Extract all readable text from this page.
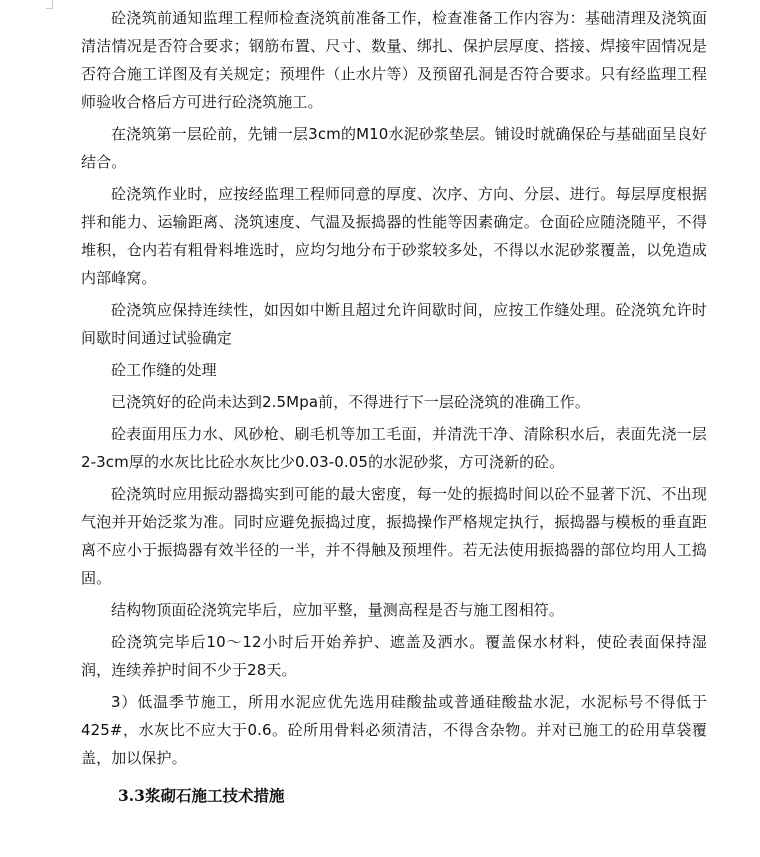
砼浇筑前通知监理工程师检查浇筑前准备工作，检查准备工作内容为：基础清理及浇筑面清洁情况是否符合要求；钢筋布置、尺寸、数量、绑扎、保护层厚度、搭接、焊接牢固情况是否符合施工详图及有关规定；预埋件（止水片等）及预留孔洞是否符合要求。只有经监理工程师验收合格后方可进行砼浇筑施工。

在浇筑第一层砼前，先铺一层3cm的M10水泥砂浆垫层。铺设时就确保砼与基础面呈良好结合。

砼浇筑作业时，应按经监理工程师同意的厚度、次序、方向、分层、进行。每层厚度根据拌和能力、运输距离、浇筑速度、气温及振捣器的性能等因素确定。仓面砼应随浇随平，不得堆积，仓内若有粗骨料堆选时，应均匀地分布于砂浆较多处，不得以水泥砂浆覆盖，以免造成内部峰窝。

砼浇筑应保持连续性，如因如中断且超过允许间歇时间，应按工作缝处理。砼浇筑允许时间歇时间通过试验确定

砼工作缝的处理

已浇筑好的砼尚未达到2.5Mpa前，不得进行下一层砼浇筑的准确工作。

砼表面用压力水、风砂枪、刷毛机等加工毛面，并清洗干净、清除积水后，表面先浇一层2-3cm厚的水灰比比砼水灰比少0.03-0.05的水泥砂浆，方可浇新的砼。

砼浇筑时应用振动器捣实到可能的最大密度，每一处的振捣时间以砼不显著下沉、不出现气泡并开始泛浆为准。同时应避免振捣过度，振捣操作严格规定执行，振捣器与模板的垂直距离不应小于振捣器有效半径的一半，并不得触及预埋件。若无法使用振捣器的部位均用人工捣固。

结构物顶面砼浇筑完毕后，应加平整，量测高程是否与施工图相符。

砼浇筑完毕后10～12小时后开始养护、遮盖及洒水。覆盖保水材料，使砼表面保持湿润，连续养护时间不少于28天。

3）低温季节施工，所用水泥应优先选用硅酸盐或普通硅酸盐水泥，水泥标号不得低于425#，水灰比不应大于0.6。砼所用骨料必须清洁，不得含杂物。并对已施工的砼用草袋覆盖，加以保护。

3.3浆砌石施工技术措施
